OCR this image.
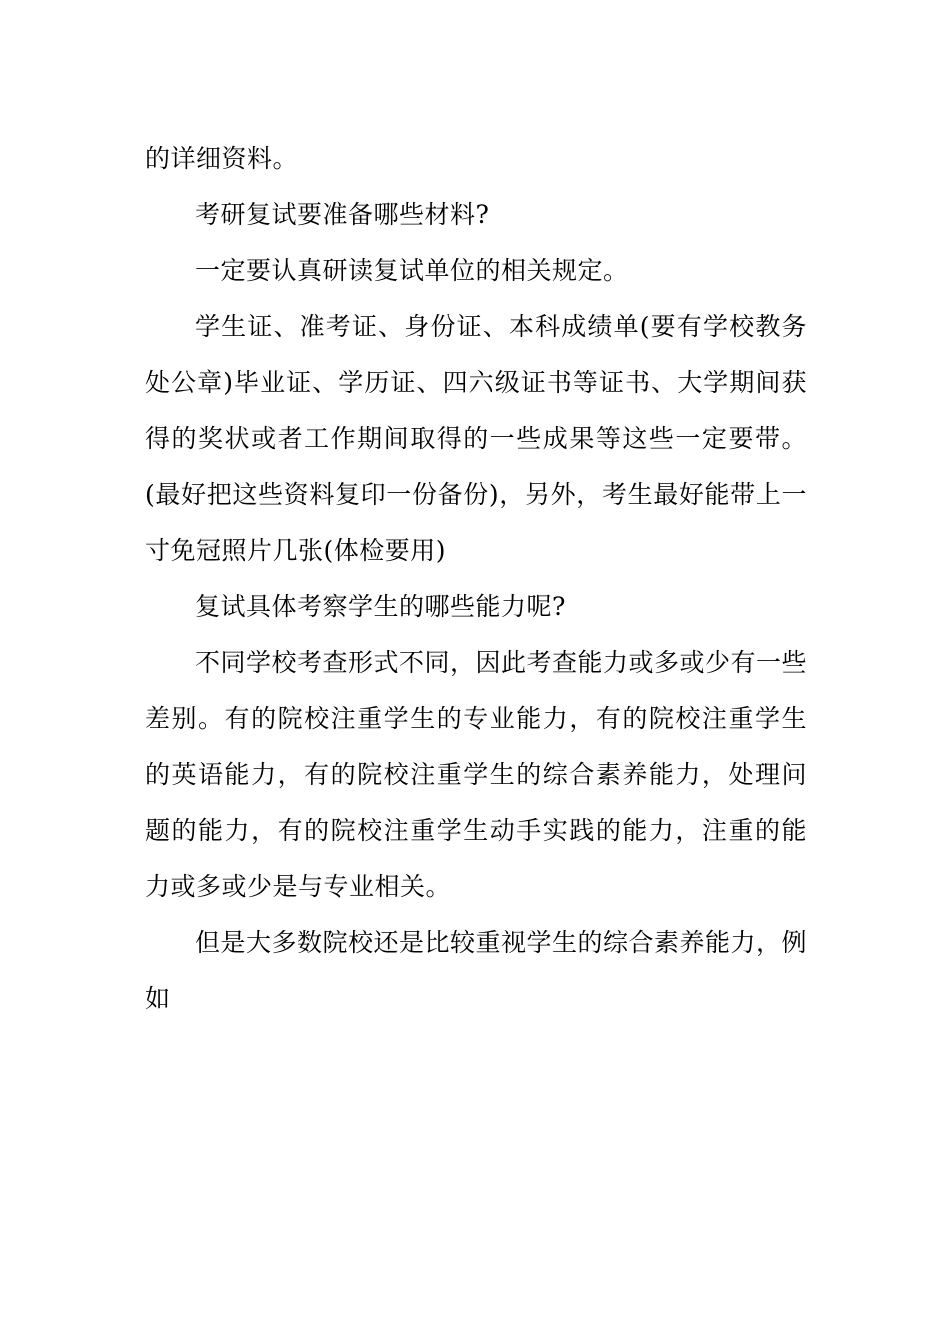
的详细资料。

考研复试要准备哪些材料?

一定要认真研读复试单位的相关规定。

学生证、准考证、身份证、本科成绩单(要有学校教务处公章)毕业证、学历证、四六级证书等证书、大学期间获得的奖状或者工作期间取得的一些成果等这些一定要带。(最好把这些资料复印一份备份)，另外，考生最好能带上一寸免冠照片几张(体检要用)

复试具体考察学生的哪些能力呢?

不同学校考查形式不同，因此考查能力或多或少有一些差别。有的院校注重学生的专业能力，有的院校注重学生的英语能力，有的院校注重学生的综合素养能力，处理问题的能力，有的院校注重学生动手实践的能力，注重的能力或多或少是与专业相关。

但是大多数院校还是比较重视学生的综合素养能力，例如
